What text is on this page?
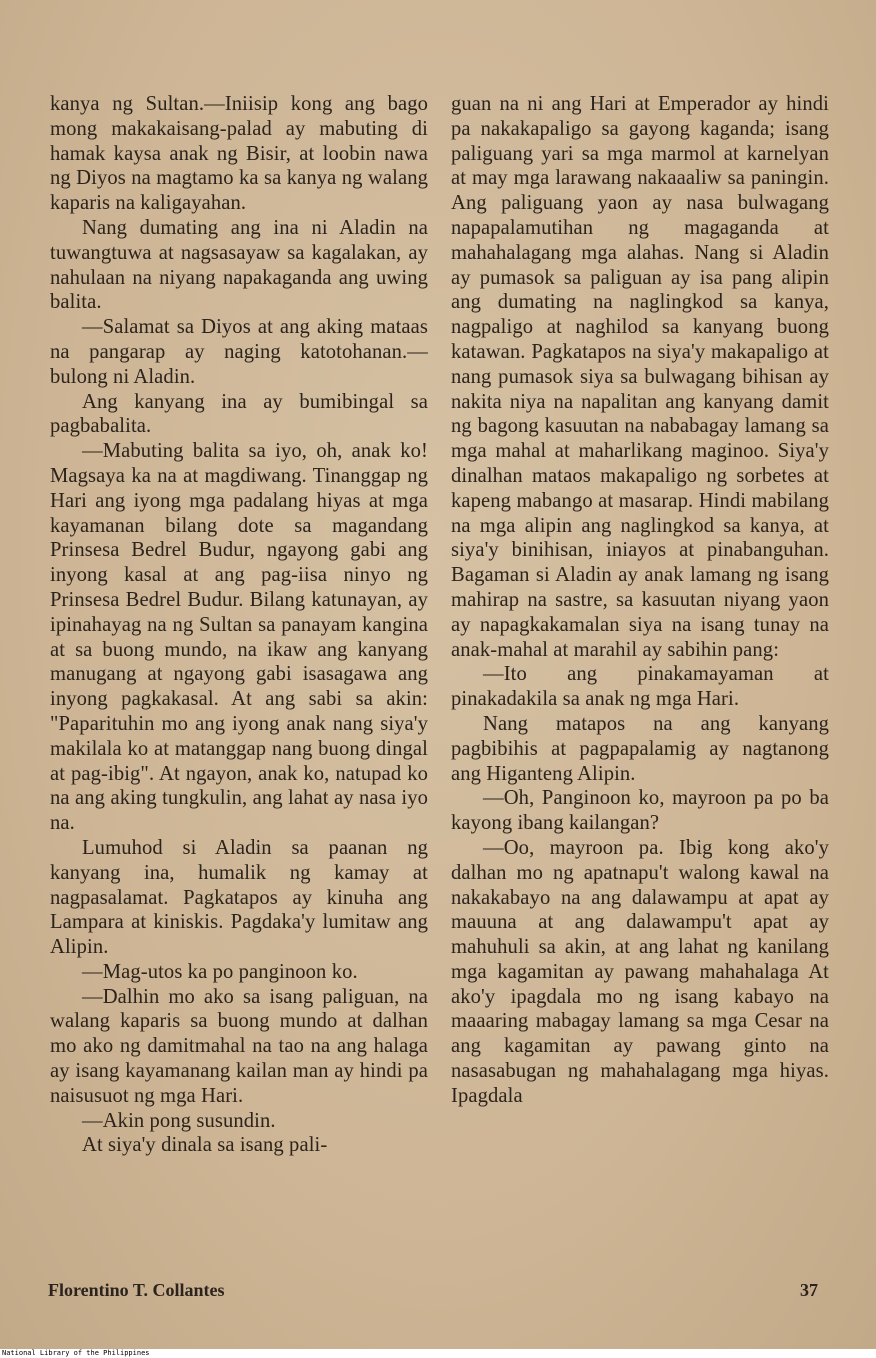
kanya ng Sultan.—Iniisip kong ang bago mong makakaisang-palad ay mabuting di hamak kaysa anak ng Bisir, at loobin nawa ng Diyos na magtamo ka sa kanya ng walang kaparis na kaligayahan.

Nang dumating ang ina ni Aladin na tuwangtuwa at nagsasayaw sa kagalakan, ay nahulaan na niyang napakaganda ang uwing balita.

—Salamat sa Diyos at ang aking mataas na pangarap ay naging katotohanan.—bulong ni Aladin.

Ang kanyang ina ay bumibingal sa pagbabalita.

—Mabuting balita sa iyo, oh, anak ko! Magsaya ka na at magdiwang. Tinanggap ng Hari ang iyong mga padalang hiyas at mga kayamanan bilang dote sa magandang Prinsesa Bedrel Budur, ngayong gabi ang inyong kasal at ang pag-iisa ninyo ng Prinsesa Bedrel Budur. Bilang katunayan, ay ipinahayag na ng Sultan sa panayam kangina at sa buong mundo, na ikaw ang kanyang manugang at ngayong gabi isasagawa ang inyong pagkakasal. At ang sabi sa akin: "Paparituhin mo ang iyong anak nang siya'y makilala ko at matanggap nang buong dingal at pag-ibig". At ngayon, anak ko, natupad ko na ang aking tungkulin, ang lahat ay nasa iyo na.

Lumuhod si Aladin sa paanan ng kanyang ina, humalik ng kamay at nagpasalamat. Pagkatapos ay kinuha ang Lampara at kiniskis. Pagdaka'y lumitaw ang Alipin.

—Mag-utos ka po panginoon ko.

—Dalhin mo ako sa isang paliguan, na walang kaparis sa buong mundo at dalhan mo ako ng damitmahal na tao na ang halaga ay isang kayamanang kailan man ay hindi pa naisusuot ng mga Hari.

—Akin pong susundin.

At siya'y dinala sa isang pali-

guan na ni ang Hari at Emperador ay hindi pa nakakapaligo sa gayong kaganda; isang paliguang yari sa mga marmol at karnelyan at may mga larawang nakaaaliw sa paningin. Ang paliguang yaon ay nasa bulwagang napapalamutihan ng magaganda at mahahalagang mga alahas. Nang si Aladin ay pumasok sa paliguan ay isa pang alipin ang dumating na naglingkod sa kanya, nagpaligo at naghilod sa kanyang buong katawan. Pagkatapos na siya'y makapaligo at nang pumasok siya sa bulwagang bihisan ay nakita niya na napalitan ang kanyang damit ng bagong kasuutan na nababagay lamang sa mga mahal at maharlikang maginoo. Siya'y dinalhan mataos makapaligo ng sorbetes at kapeng mabango at masarap. Hindi mabilang na mga alipin ang naglingkod sa kanya, at siya'y binihisan, iniayos at pinabanguhan. Bagaman si Aladin ay anak lamang ng isang mahirap na sastre, sa kasuutan niyang yaon ay napagkakamalan siya na isang tunay na anak-mahal at marahil ay sabihin pang:

—Ito ang pinakamayaman at pinakadakila sa anak ng mga Hari.

Nang matapos na ang kanyang pagbibihis at pagpapalamig ay nagtanong ang Higanteng Alipin.

—Oh, Panginoon ko, mayroon pa po ba kayong ibang kailangan?

—Oo, mayroon pa. Ibig kong ako'y dalhan mo ng apatnapu't walong kawal na nakakabayo na ang dalawampu at apat ay mauuna at ang dalawampu't apat ay mahuhuli sa akin, at ang lahat ng kanilang mga kagamitan ay pawang mahahalaga At ako'y ipagdala mo ng isang kabayo na maaaring mabagay lamang sa mga Cesar na ang kagamitan ay pawang ginto na nasasabugan ng mahahalagang mga hiyas. Ipagdala

Florentino T. Collantes	37
National Library of the Philippines
